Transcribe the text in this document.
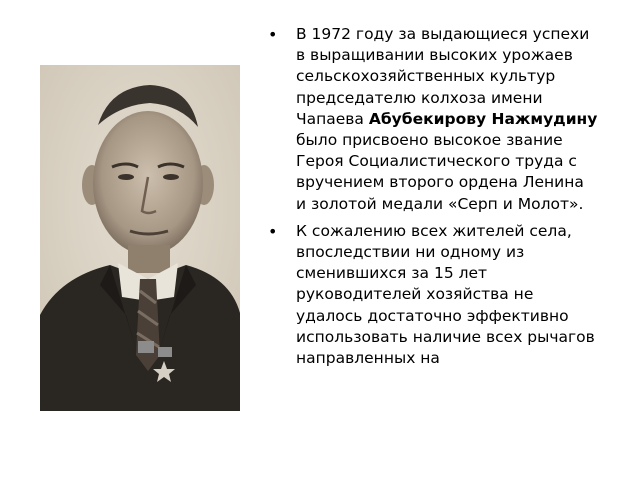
•	В 1972 году за выдающиеся успехи в выращивании высоких урожаев сельскохозяйственных культур председателю колхоза имени Чапаева Абубекирову Нажмудину было присвоено высокое звание Героя Социалистического труда с вручением второго ордена Ленина и золотой медали «Серп и Молот».
•	К сожалению всех жителей села, впоследствии ни одному из сменившихся за 15 лет руководителей хозяйства не удалось достаточно эффективно использовать наличие всех рычагов направленных на
